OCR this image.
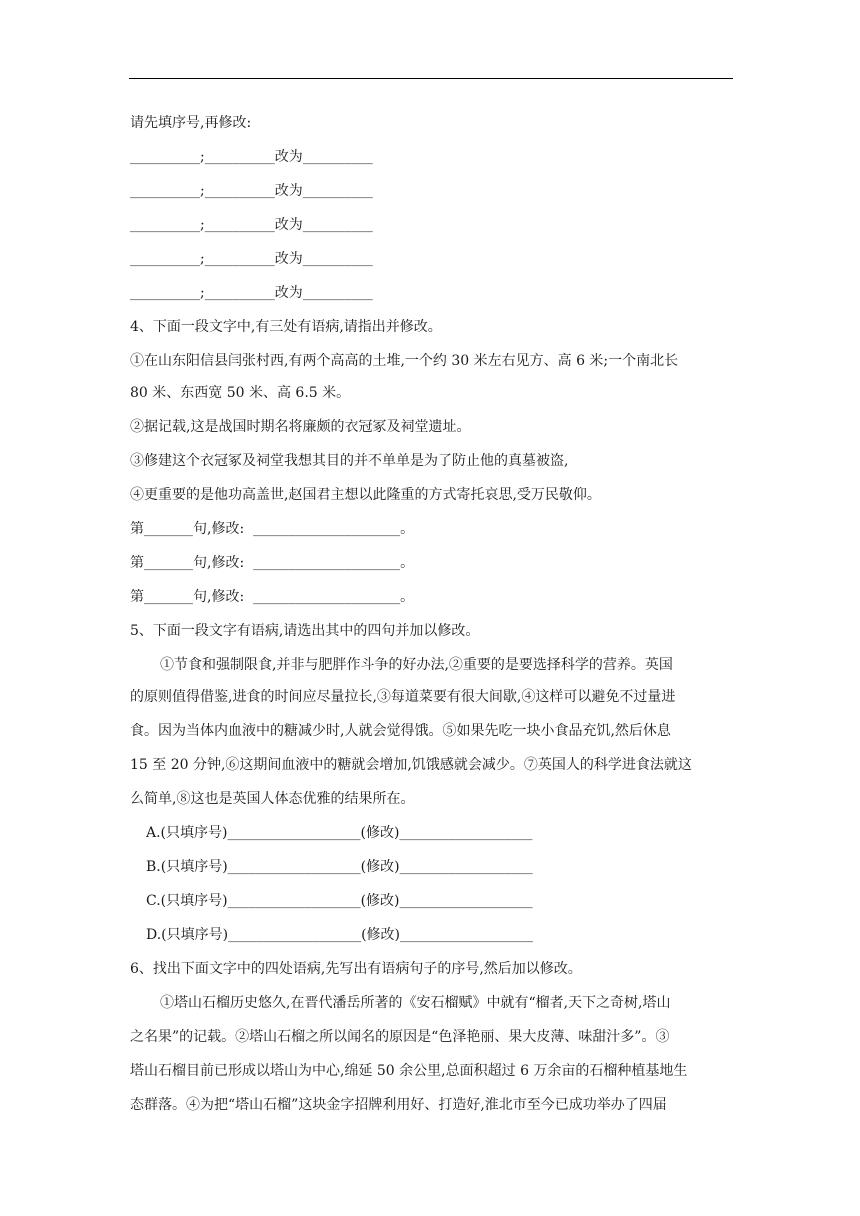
请先填序号,再修改:
__________;__________改为__________
__________;__________改为__________
__________;__________改为__________
__________;__________改为__________
__________;__________改为__________
4、下面一段文字中,有三处有语病,请指出并修改。
①在山东阳信县闫张村西,有两个高高的土堆,一个约 30 米左右见方、高 6 米;一个南北长
80 米、东西宽 50 米、高 6.5 米。
②据记载,这是战国时期名将廉颇的衣冠冢及祠堂遗址。
③修建这个衣冠冢及祠堂我想其目的并不单单是为了防止他的真墓被盗,
④更重要的是他功高盖世,赵国君主想以此隆重的方式寄托哀思,受万民敬仰。
第_______句,修改:  _____________________。
第_______句,修改:  _____________________。
第_______句,修改:  _____________________。
5、下面一段文字有语病,请选出其中的四句并加以修改。
①节食和强制限食,并非与肥胖作斗争的好办法,②重要的是要选择科学的营养。英国
的原则值得借鉴,进食的时间应尽量拉长,③每道菜要有很大间歇,④这样可以避免不过量进
食。因为当体内血液中的糖减少时,人就会觉得饿。⑤如果先吃一块小食品充饥,然后休息
15 至 20 分钟,⑥这期间血液中的糖就会增加,饥饿感就会减少。⑦英国人的科学进食法就这
么简单,⑧这也是英国人体态优雅的结果所在。
A.(只填序号)___________________(修改)___________________
B.(只填序号)___________________(修改)___________________
C.(只填序号)___________________(修改)___________________
D.(只填序号)___________________(修改)___________________
6、找出下面文字中的四处语病,先写出有语病句子的序号,然后加以修改。
①塔山石榴历史悠久,在晋代潘岳所著的《安石榴赋》中就有“榴者,天下之奇树,塔山
之名果”的记载。②塔山石榴之所以闻名的原因是“色泽艳丽、果大皮薄、味甜汁多”。③
塔山石榴目前已形成以塔山为中心,绵延 50 余公里,总面积超过 6 万余亩的石榴种植基地生
态群落。④为把“塔山石榴”这块金字招牌利用好、打造好,淮北市至今已成功举办了四届
